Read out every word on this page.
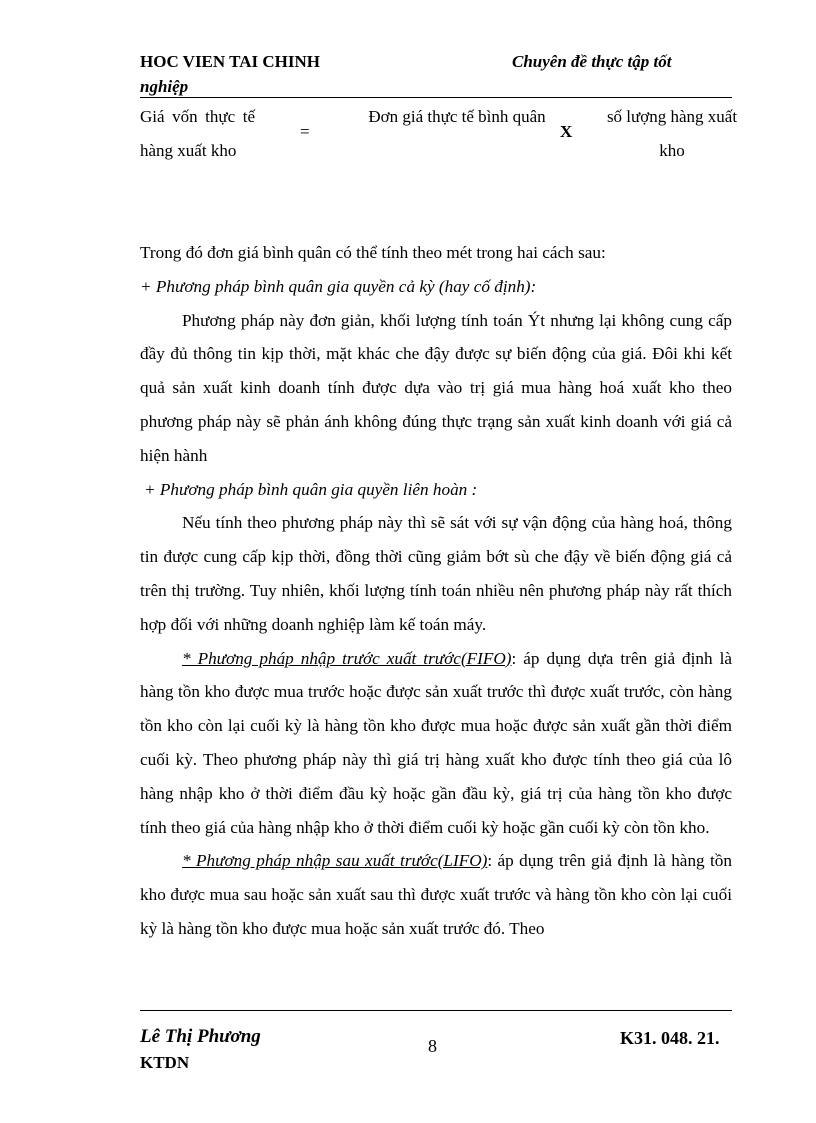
HOC VIEN TAI CHINH	Chuyên đề thực tập tốt
nghiệp
Giá vốn thực tế hàng xuất kho
=
Đơn giá thực tế bình quân
X
số lượng hàng xuất kho

Trong đó đơn giá bình quân có thể tính theo mét trong hai cách sau:

+ Phương pháp bình quân gia quyền cả kỳ (hay cố định):

Phương pháp này đơn giản, khối lượng tính toán Ýt nhưng lại không cung cấp đầy đủ thông tin kịp thời, mặt khác che đậy được sự biến động của giá. Đôi khi kết quả sản xuất kinh doanh tính được dựa vào trị giá mua hàng hoá xuất kho theo phương pháp này sẽ phản ánh không đúng thực trạng sản xuất kinh doanh với giá cả hiện hành

+ Phương pháp bình quân gia quyền liên hoàn :

Nếu tính theo phương pháp này thì sẽ sát với sự vận động của hàng hoá, thông tin được cung cấp kịp thời, đồng thời cũng giảm bớt sù che đậy về biến động giá cả trên thị trường. Tuy nhiên, khối lượng tính toán nhiều nên phương pháp này rất thích hợp đối với những doanh nghiệp làm kế toán máy.

* Phương pháp nhập trước xuất trước(FIFO): áp dụng dựa trên giả định là hàng tồn kho được mua trước hoặc được sản xuất trước thì được xuất trước, còn hàng tồn kho còn lại cuối kỳ là hàng tồn kho được mua hoặc được sản xuất gần thời điểm cuối kỳ. Theo phương pháp này thì giá trị hàng xuất kho được tính theo giá của lô hàng nhập kho ở thời điểm đầu kỳ hoặc gần đầu kỳ, giá trị của hàng tồn kho được tính theo giá của hàng nhập kho ở thời điểm cuối kỳ hoặc gần cuối kỳ còn tồn kho.

* Phương pháp nhập sau xuất trước(LIFO): áp dụng trên giả định là hàng tồn kho được mua sau hoặc sản xuất sau thì được xuất trước và hàng tồn kho còn lại cuối kỳ là hàng tồn kho được mua hoặc sản xuất trước đó. Theo

Lê Thị Phương
KTDN
8	K31. 048. 21.
